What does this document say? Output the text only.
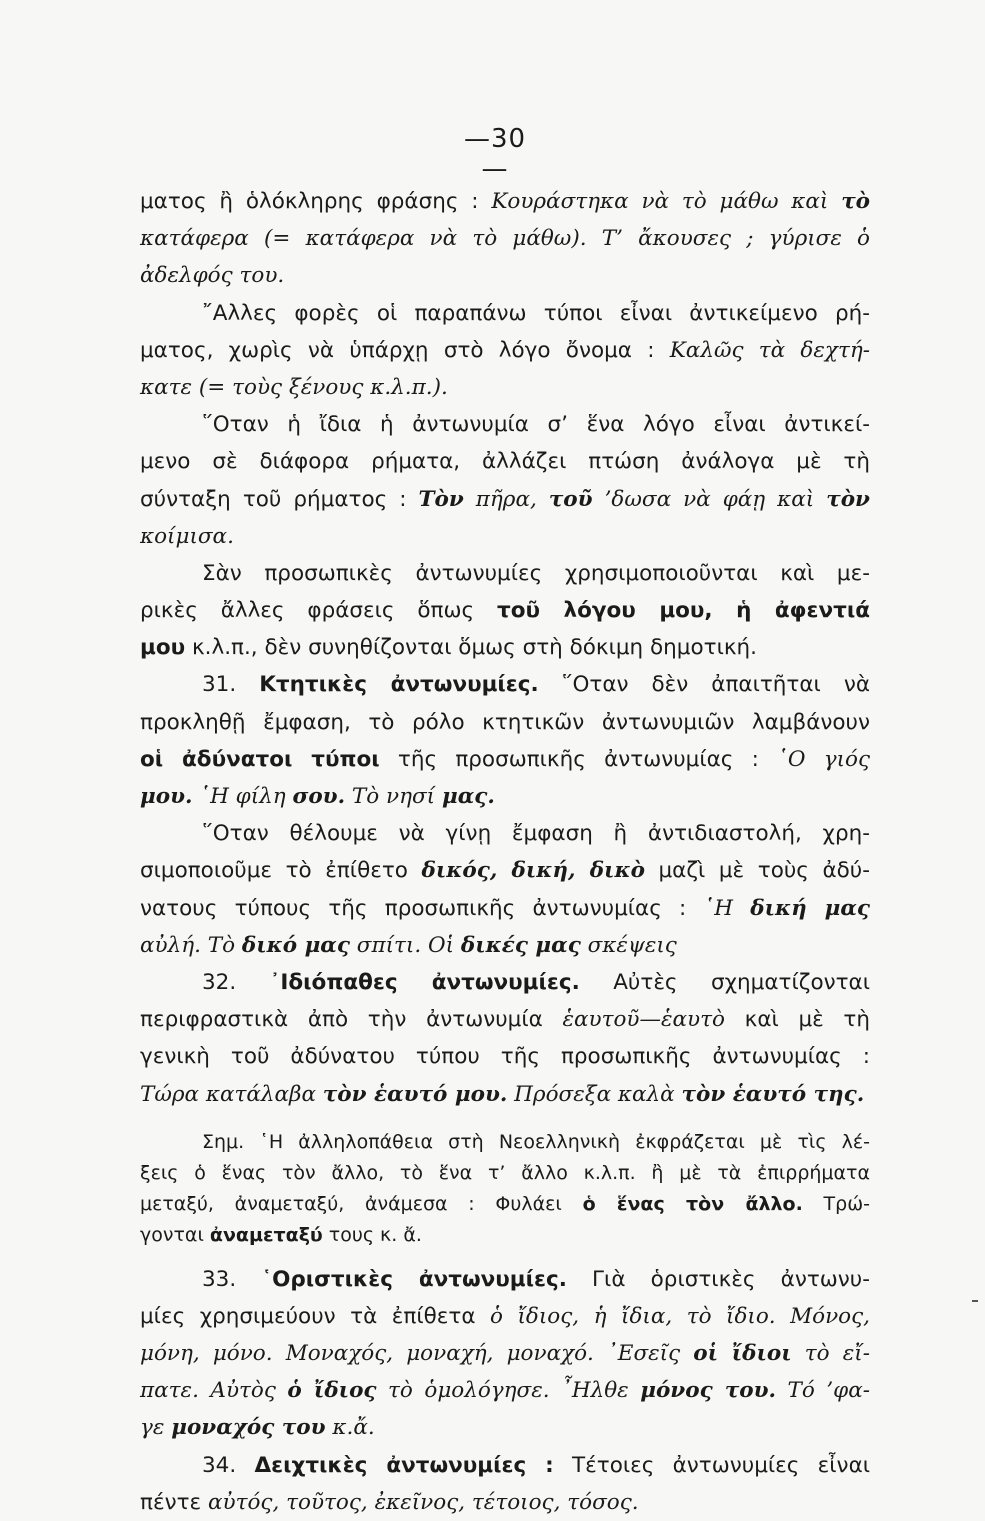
—30—
ματος ἢ ὁλόκληρης φράσης : Κουράστηκα νὰ τὸ μάθω καὶ τὸ
κατάφερα (= κατάφερα νὰ τὸ μάθω). Τ’ ἄκουσες ; γύρισε ὁ
ἀδελφός του.
῎Αλλες φορὲς οἱ παραπάνω τύποι εἶναι ἀντικείμενο ρή-
ματος, χωρὶς νὰ ὑπάρχῃ στὸ λόγο ὄνομα : Καλῶς τὰ δεχτή-
κατε (= τοὺς ξένους κ.λ.π.).
῞Οταν ἡ ἴδια ἡ ἀντωνυμία σ’ ἕνα λόγο εἶναι ἀντικεί-
μενο σὲ διάφορα ρήματα, ἀλλάζει πτώση ἀνάλογα μὲ τὴ
σύνταξη τοῦ ρήματος : Τὸν πῆρα, τοῦ ’δωσα νὰ φάῃ καὶ τὸν
κοίμισα.
Σὰν προσωπικὲς ἀντωνυμίες χρησιμοποιοῦνται καὶ με-
ρικὲς ἄλλες φράσεις ὅπως τοῦ λόγου μου, ἡ ἀφεντιά
μου κ.λ.π., δὲν συνηθίζονται ὅμως στὴ δόκιμη δημοτική.
31. Κτητικὲς ἀντωνυμίες. ῞Οταν δὲν ἀπαιτῆται νὰ
προκληθῇ ἔμφαση, τὸ ρόλο κτητικῶν ἀντωνυμιῶν λαμβάνουν
οἱ ἀδύνατοι τύποι τῆς προσωπικῆς ἀντωνυμίας : ῾Ο γιός
μου. ῾Η φίλη σου. Τὸ νησί μας.
῞Οταν θέλουμε νὰ γίνῃ ἔμφαση ἢ ἀντιδιαστολή, χρη-
σιμοποιοῦμε τὸ ἐπίθετο δικός, δική, δικὸ μαζὶ μὲ τοὺς ἀδύ-
νατους τύπους τῆς προσωπικῆς ἀντωνυμίας : ῾Η δική μας
αὐλή. Τὸ δικό μας σπίτι. Οἱ δικές μας σκέψεις
32. ᾽Ιδιόπαθες ἀντωνυμίες. Αὐτὲς σχηματίζονται
περιφραστικὰ ἀπὸ τὴν ἀντωνυμία ἑαυτοῦ—ἑαυτὸ καὶ μὲ τὴ
γενικὴ τοῦ ἀδύνατου τύπου τῆς προσωπικῆς ἀντωνυμίας :
Τώρα κατάλαβα τὸν ἑαυτό μου. Πρόσεξα καλὰ τὸν ἑαυτό της.
Σημ. ῾Η ἀλληλοπάθεια στὴ Νεοελληνικὴ ἐκφράζεται μὲ τὶς λέ-
ξεις ὁ ἕνας τὸν ἄλλο, τὸ ἕνα τ’ ἄλλο κ.λ.π. ἢ μὲ τὰ ἐπιρρήματα
μεταξύ, ἀναμεταξύ, ἀνάμεσα : Φυλάει ὁ ἕνας τὸν ἄλλο. Τρώ-
γονται ἀναμεταξύ τους κ. ἄ.
33. ῾Οριστικὲς ἀντωνυμίες. Γιὰ ὁριστικὲς ἀντωνυ-
μίες χρησιμεύουν τὰ ἐπίθετα ὁ ἴδιος, ἡ ἴδια, τὸ ἴδιο. Μόνος,
μόνη, μόνο. Μοναχός, μοναχή, μοναχό. ᾽Εσεῖς οἱ ἴδιοι τὸ εἴ-
πατε. Αὐτὸς ὁ ἴδιος τὸ ὁμολόγησε. ῏Ηλθε μόνος του. Τό ’φα-
γε μοναχός του κ.ἄ.
34. Δειχτικὲς ἀντωνυμίες : Τέτοιες ἀντωνυμίες εἶναι
πέντε αὐτός, τοῦτος, ἐκεῖνος, τέτοιος, τόσος.
